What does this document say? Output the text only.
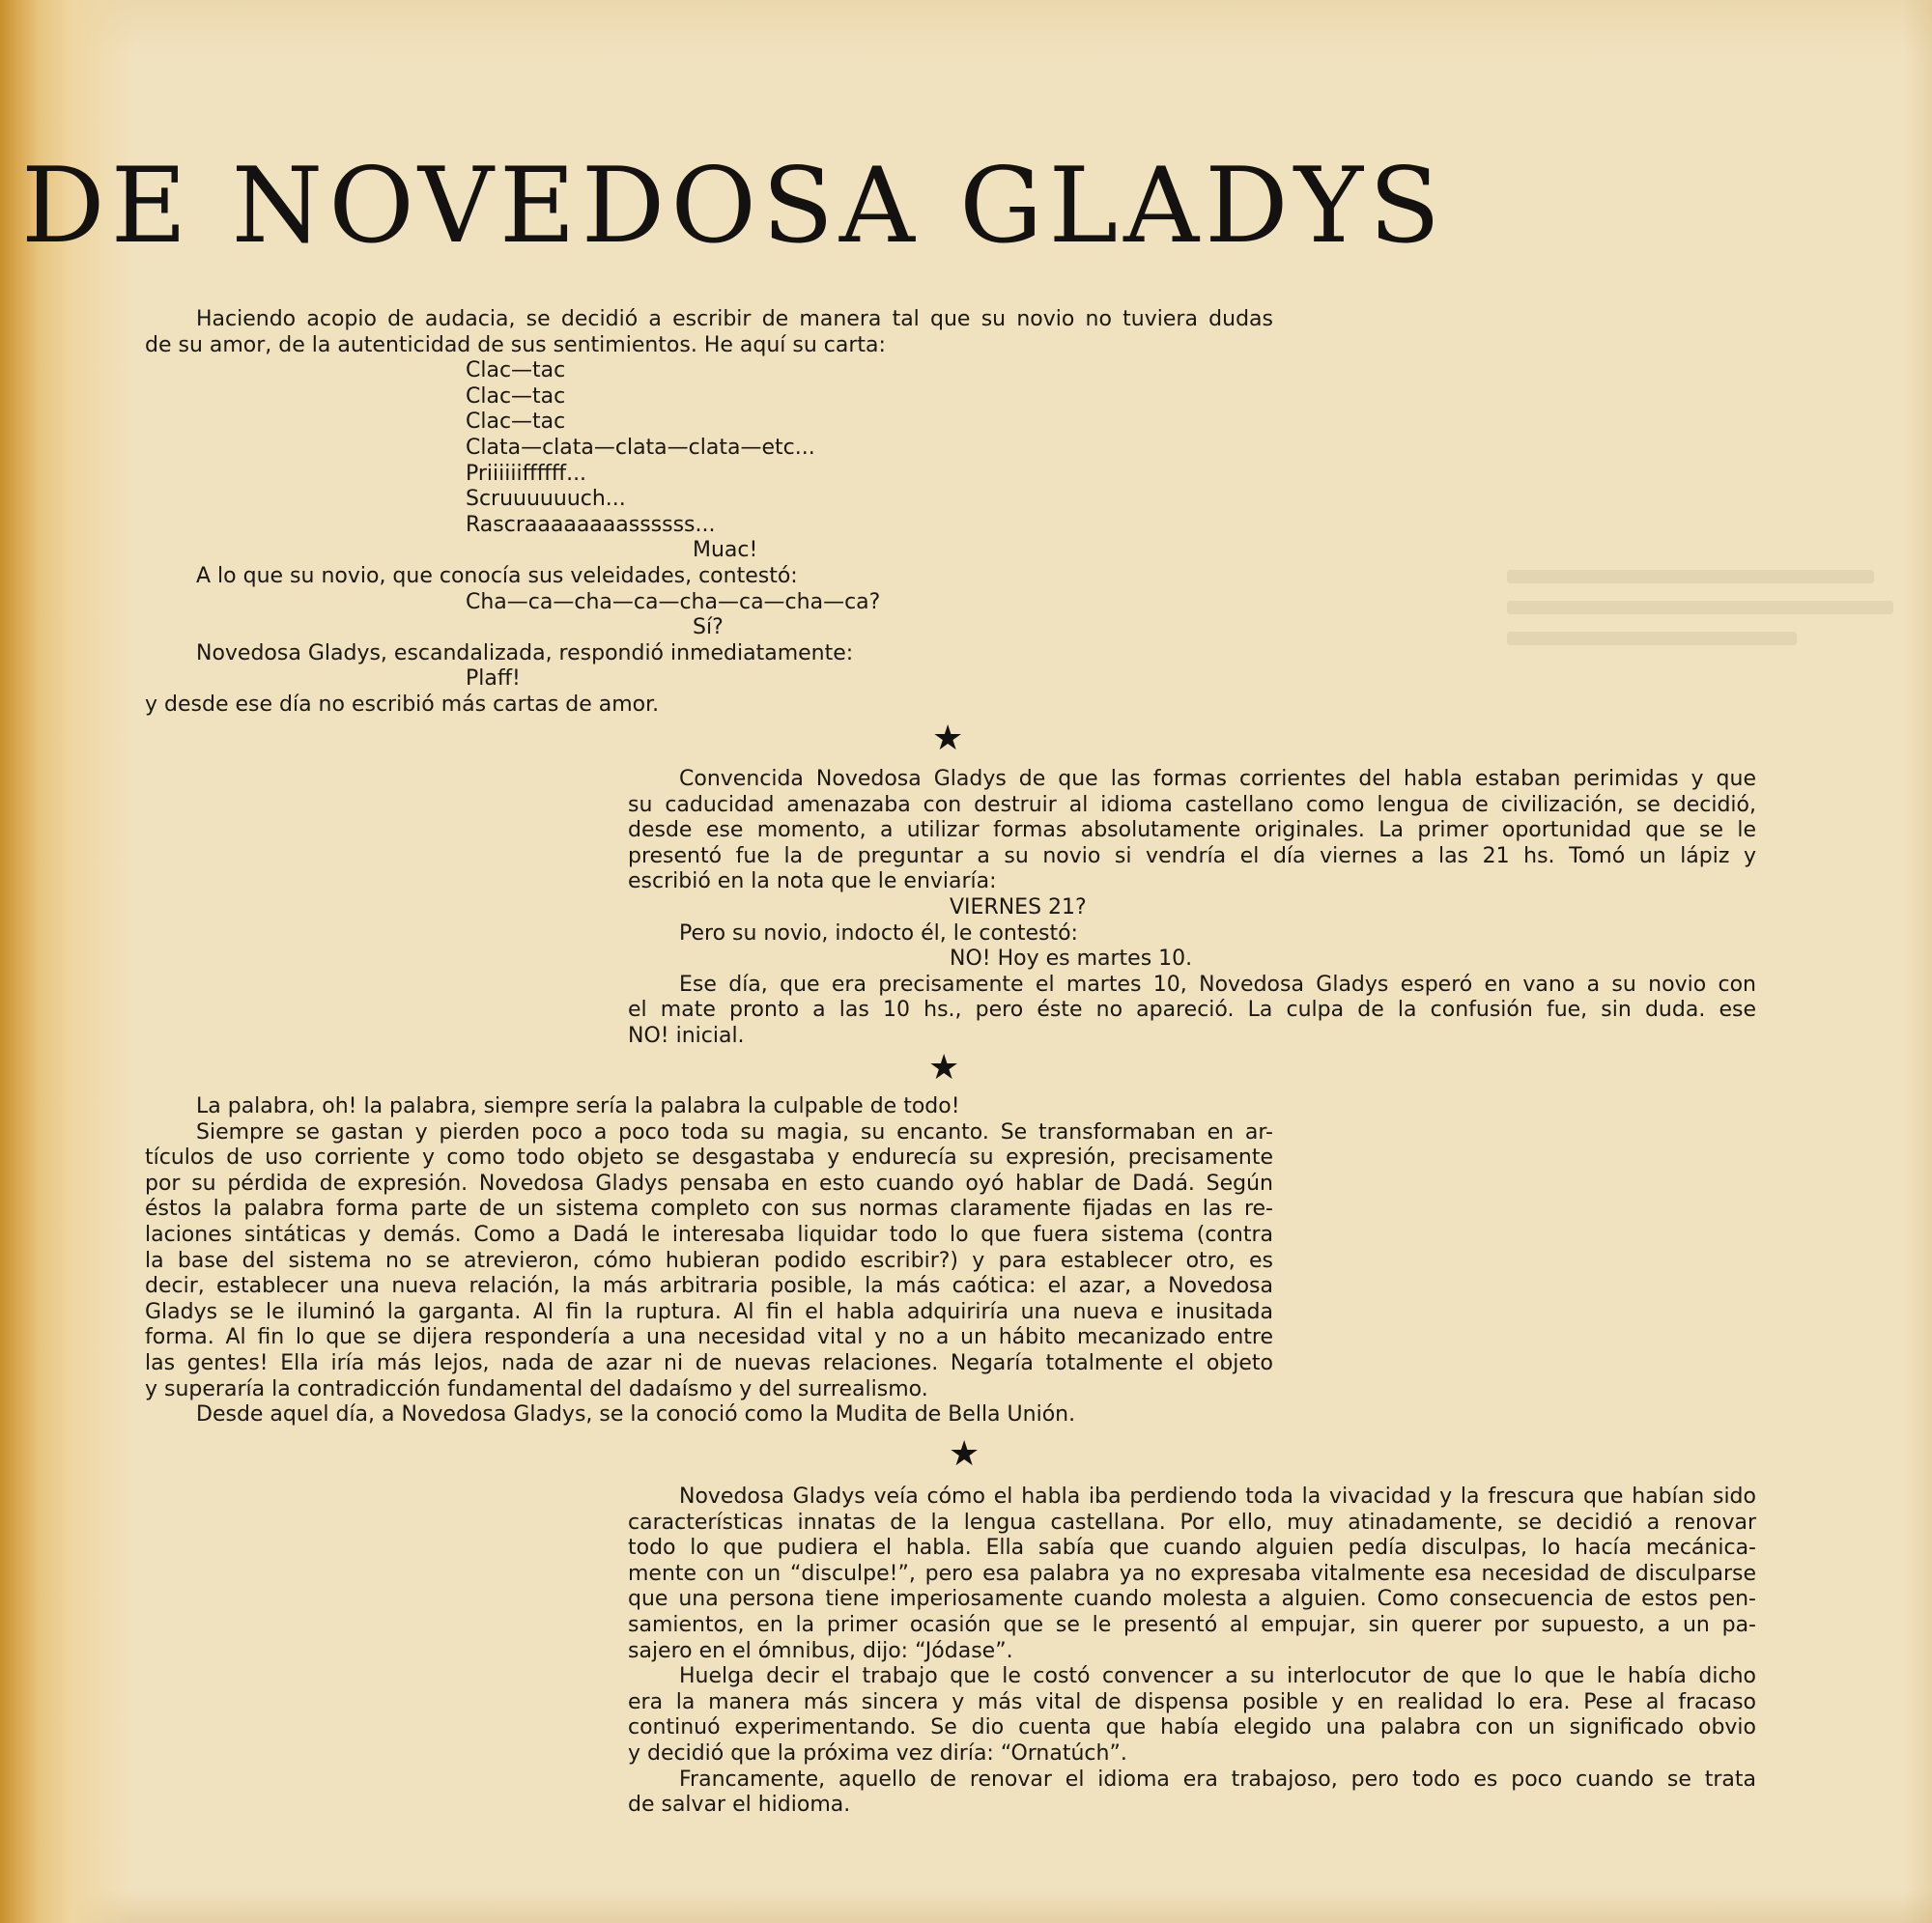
DE NOVEDOSA GLADYS
Haciendo acopio de audacia, se decidió a escribir de manera tal que su novio no tuviera dudas
de su amor, de la autenticidad de sus sentimientos. He aquí su carta:
Clac—tac
Clac—tac
Clac—tac
Clata—clata—clata—clata—etc...
Priiiiiiffffff...
Scruuuuuuch...
Rascraaaaaaaassssss...
Muac!
A lo que su novio, que conocía sus veleidades, contestó:
Cha—ca—cha—ca—cha—ca—cha—ca?
Sí?
Novedosa Gladys, escandalizada, respondió inmediatamente:
Plaff!
y desde ese día no escribió más cartas de amor.
★
Convencida Novedosa Gladys de que las formas corrientes del habla estaban perimidas y que
su caducidad amenazaba con destruir al idioma castellano como lengua de civilización, se decidió,
desde ese momento, a utilizar formas absolutamente originales. La primer oportunidad que se le
presentó fue la de preguntar a su novio si vendría el día viernes a las 21 hs. Tomó un lápiz y
escribió en la nota que le enviaría:
VIERNES 21?
Pero su novio, indocto él, le contestó:
NO! Hoy es martes 10.
Ese día, que era precisamente el martes 10, Novedosa Gladys esperó en vano a su novio con
el mate pronto a las 10 hs., pero éste no apareció. La culpa de la confusión fue, sin duda. ese
NO! inicial.
★
La palabra, oh! la palabra, siempre sería la palabra la culpable de todo!
Siempre se gastan y pierden poco a poco toda su magia, su encanto. Se transformaban en ar-
tículos de uso corriente y como todo objeto se desgastaba y endurecía su expresión, precisamente
por su pérdida de expresión. Novedosa Gladys pensaba en esto cuando oyó hablar de Dadá. Según
éstos la palabra forma parte de un sistema completo con sus normas claramente fijadas en las re-
laciones sintáticas y demás. Como a Dadá le interesaba liquidar todo lo que fuera sistema (contra
la base del sistema no se atrevieron, cómo hubieran podido escribir?) y para establecer otro, es
decir, establecer una nueva relación, la más arbitraria posible, la más caótica: el azar, a Novedosa
Gladys se le iluminó la garganta. Al fin la ruptura. Al fin el habla adquiriría una nueva e inusitada
forma. Al fin lo que se dijera respondería a una necesidad vital y no a un hábito mecanizado entre
las gentes! Ella iría más lejos, nada de azar ni de nuevas relaciones. Negaría totalmente el objeto
y superaría la contradicción fundamental del dadaísmo y del surrealismo.
Desde aquel día, a Novedosa Gladys, se la conoció como la Mudita de Bella Unión.
★
Novedosa Gladys veía cómo el habla iba perdiendo toda la vivacidad y la frescura que habían sido
características innatas de la lengua castellana. Por ello, muy atinadamente, se decidió a renovar
todo lo que pudiera el habla. Ella sabía que cuando alguien pedía disculpas, lo hacía mecánica-
mente con un “disculpe!”, pero esa palabra ya no expresaba vitalmente esa necesidad de disculparse
que una persona tiene imperiosamente cuando molesta a alguien. Como consecuencia de estos pen-
samientos, en la primer ocasión que se le presentó al empujar, sin querer por supuesto, a un pa-
sajero en el ómnibus, dijo: “Jódase”.
Huelga decir el trabajo que le costó convencer a su interlocutor de que lo que le había dicho
era la manera más sincera y más vital de dispensa posible y en realidad lo era. Pese al fracaso
continuó experimentando. Se dio cuenta que había elegido una palabra con un significado obvio
y decidió que la próxima vez diría: “Ornatúch”.
Francamente, aquello de renovar el idioma era trabajoso, pero todo es poco cuando se trata
de salvar el hidioma.
